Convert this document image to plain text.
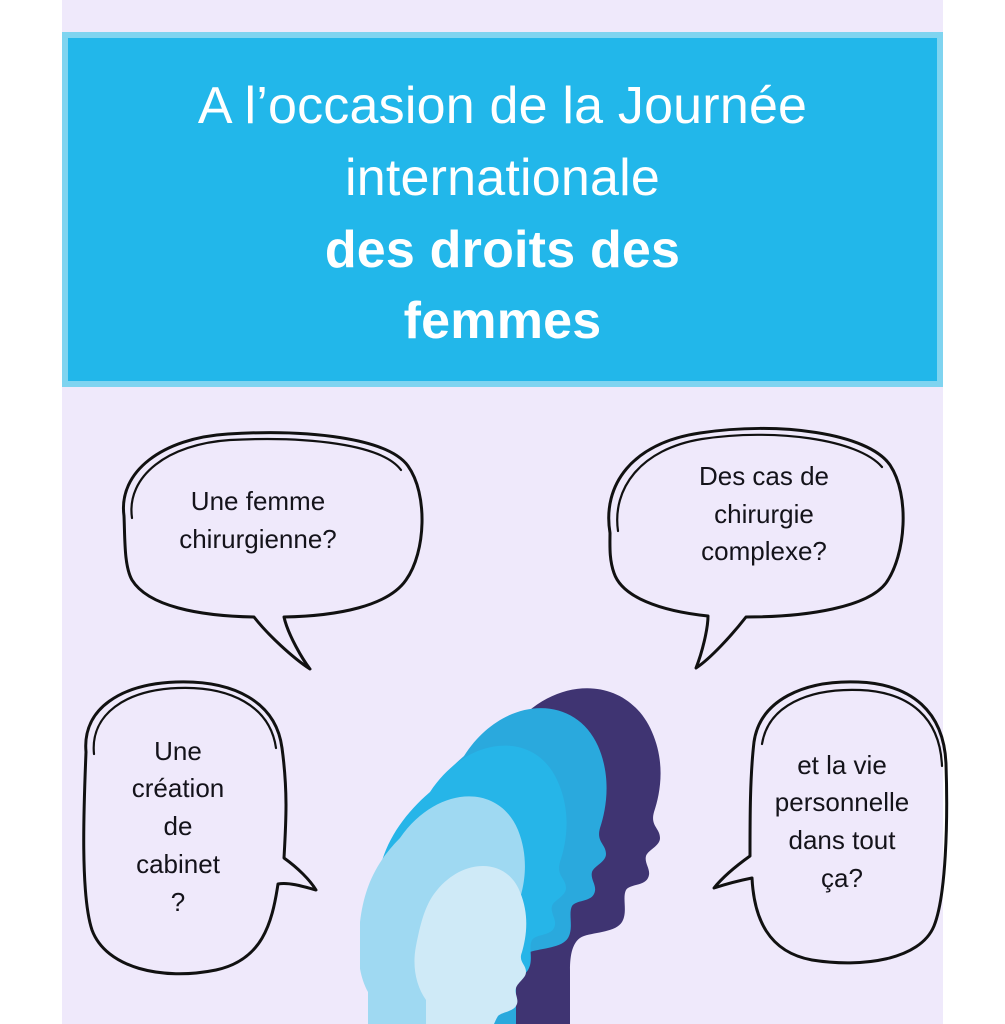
A l’occasion de la Journée
internationale
des droits des
femmes
Une femme
chirurgienne?
Des cas de
chirurgie
complexe?
Une
création
de
cabinet
?
et la vie
personnelle
dans tout
ça?
